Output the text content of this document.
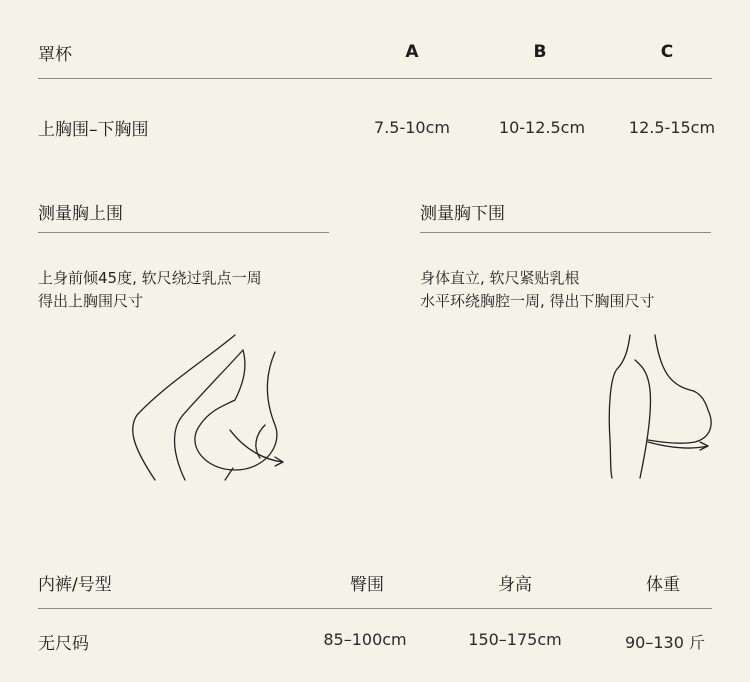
罩杯	A	B	C
上胸围–下胸围	7.5-10cm	10-12.5cm	12.5-15cm
测量胸上围
上身前倾45度, 软尺绕过乳点一周
得出上胸围尺寸
测量胸下围
身体直立, 软尺紧贴乳根
水平环绕胸腔一周, 得出下胸围尺寸
内裤/号型	臀围	身高	体重
无尺码	85–100cm	150–175cm	90–130 斤
